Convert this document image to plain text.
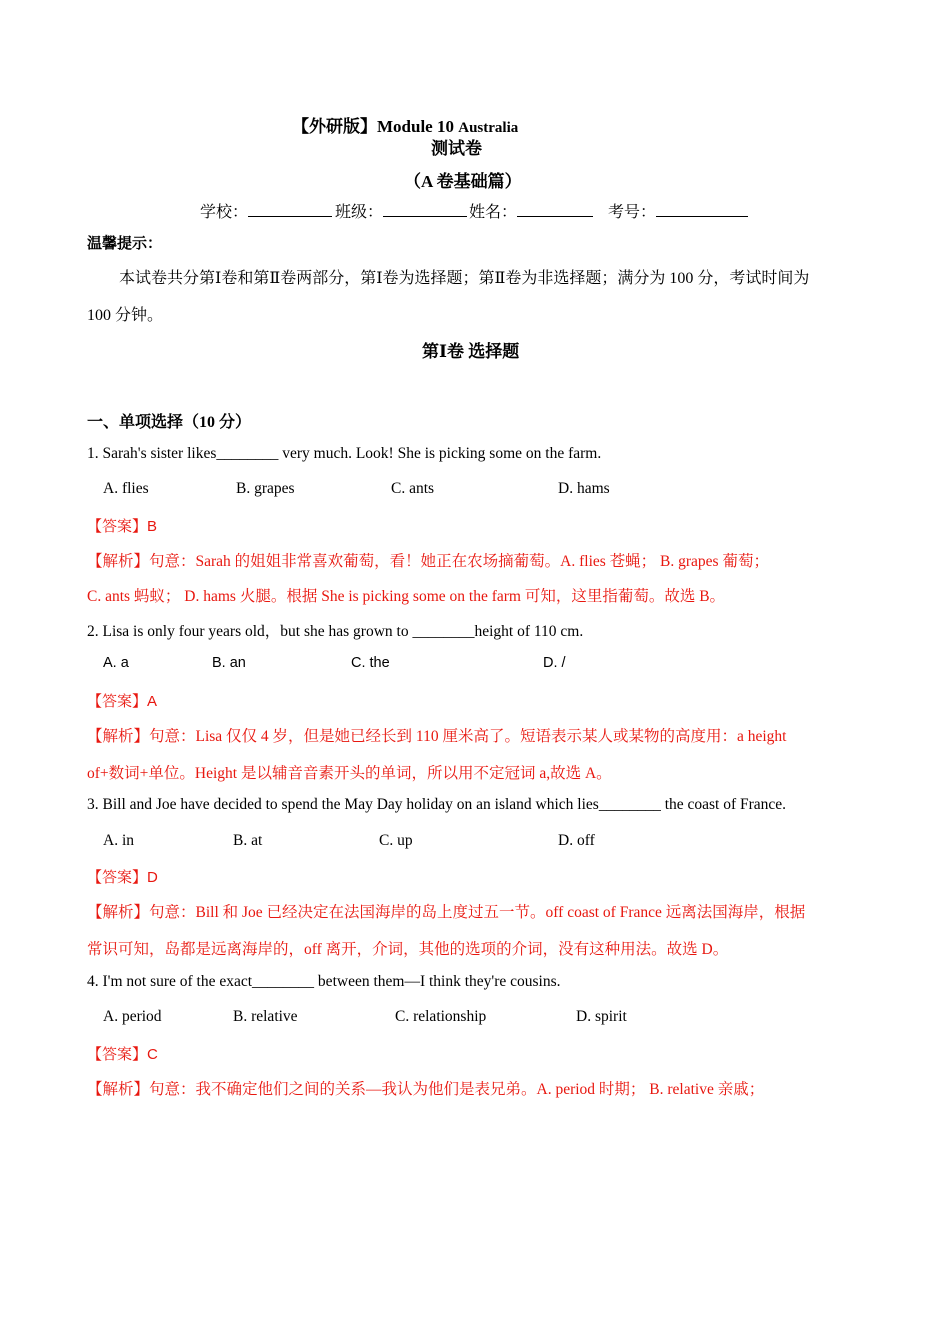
【外研版】Module 10 Australia
测试卷
（A 卷基础篇）
学校：	班级：	姓名：	考号：
温馨提示：
本试卷共分第Ⅰ卷和第Ⅱ卷两部分，第Ⅰ卷为选择题；第Ⅱ卷为非选择题；满分为 100 分，考试时间为
100 分钟。
第Ⅰ卷 选择题
一、单项选择（10 分）
1. Sarah's sister likes________ very much. Look! She is picking some on the farm.
A. flies	B. grapes	C. ants	D. hams
【答案】B
【解析】句意：Sarah 的姐姐非常喜欢葡萄，看！她正在农场摘葡萄。A. flies 苍蝇； B. grapes 葡萄；
C. ants 蚂蚁； D. hams 火腿。根据 She is picking some on the farm 可知，这里指葡萄。故选 B。
2. Lisa is only four years old，but she has grown to ________height of 110 cm.
A. a	B. an	C. the	D. /
【答案】A
【解析】句意：Lisa 仅仅 4 岁，但是她已经长到 110 厘米高了。短语表示某人或某物的高度用：a height
of+数词+单位。Height 是以辅音音素开头的单词，所以用不定冠词 a,故选 A。
3. Bill and Joe have decided to spend the May Day holiday on an island which lies________ the coast of France.
A. in	B. at	C. up	D. off
【答案】D
【解析】句意：Bill 和 Joe 已经决定在法国海岸的岛上度过五一节。off coast of France 远离法国海岸，根据
常识可知，岛都是远离海岸的，off 离开，介词，其他的选项的介词，没有这种用法。故选 D。
4. I'm not sure of the exact________ between them—I think they're cousins.
A. period	B. relative	C. relationship	D. spirit
【答案】C
【解析】句意：我不确定他们之间的关系—我认为他们是表兄弟。A. period 时期； B. relative 亲戚；
